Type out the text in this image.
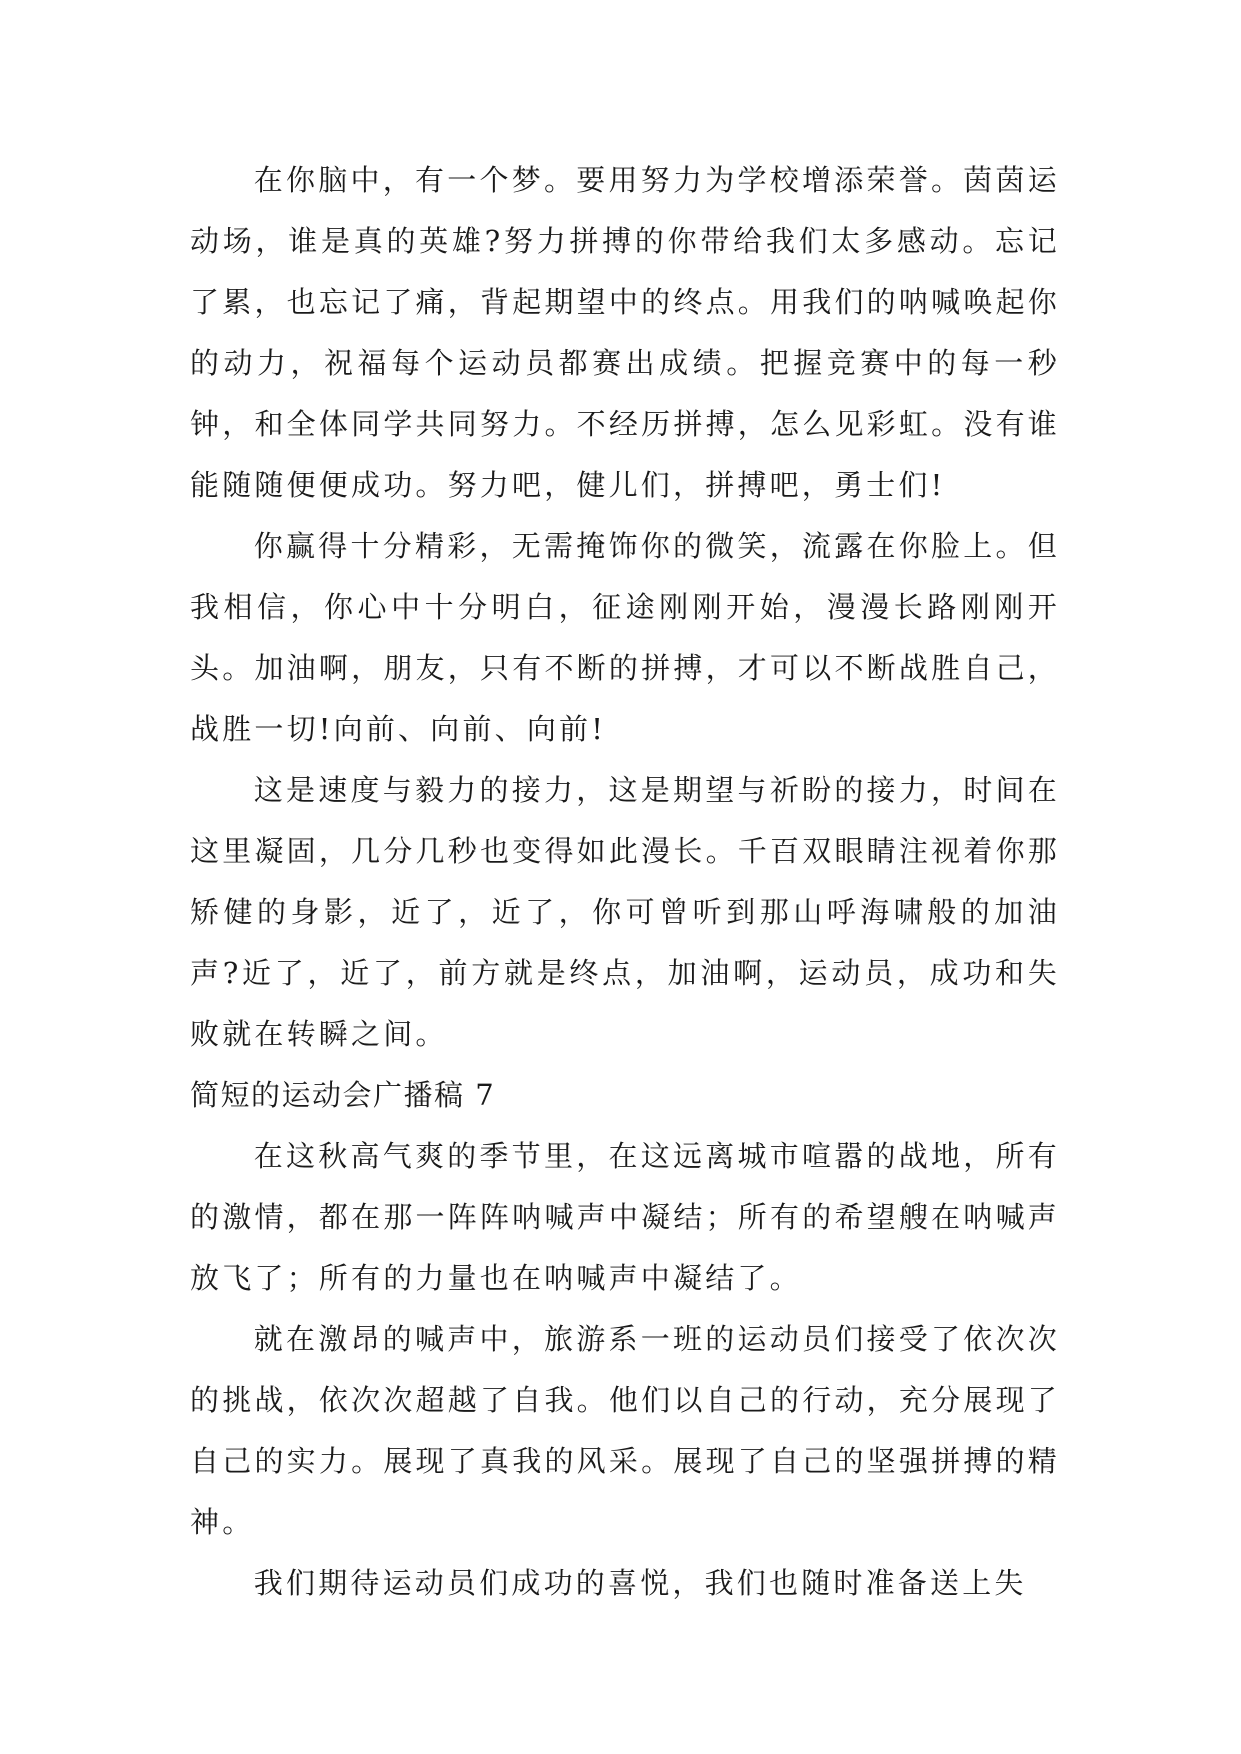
在你脑中，有一个梦。要用努力为学校增添荣誉。茵茵运动场，谁是真的英雄?努力拼搏的你带给我们太多感动。忘记了累，也忘记了痛，背起期望中的终点。用我们的呐喊唤起你的动力，祝福每个运动员都赛出成绩。把握竞赛中的每一秒钟，和全体同学共同努力。不经历拼搏，怎么见彩虹。没有谁能随随便便成功。努力吧，健儿们，拼搏吧，勇士们!

你赢得十分精彩，无需掩饰你的微笑，流露在你脸上。但我相信，你心中十分明白，征途刚刚开始，漫漫长路刚刚开头。加油啊，朋友，只有不断的拼搏，才可以不断战胜自己，战胜一切!向前、向前、向前!

这是速度与毅力的接力，这是期望与祈盼的接力，时间在这里凝固，几分几秒也变得如此漫长。千百双眼睛注视着你那矫健的身影，近了，近了，你可曾听到那山呼海啸般的加油声?近了，近了，前方就是终点，加油啊，运动员，成功和失败就在转瞬之间。

简短的运动会广播稿 7

在这秋高气爽的季节里，在这远离城市喧嚣的战地，所有的激情，都在那一阵阵呐喊声中凝结；所有的希望艘在呐喊声放飞了；所有的力量也在呐喊声中凝结了。

就在激昂的喊声中，旅游系一班的运动员们接受了依次次的挑战，依次次超越了自我。他们以自己的行动，充分展现了自己的实力。展现了真我的风采。展现了自己的坚强拼搏的精神。

我们期待运动员们成功的喜悦，我们也随时准备送上失
